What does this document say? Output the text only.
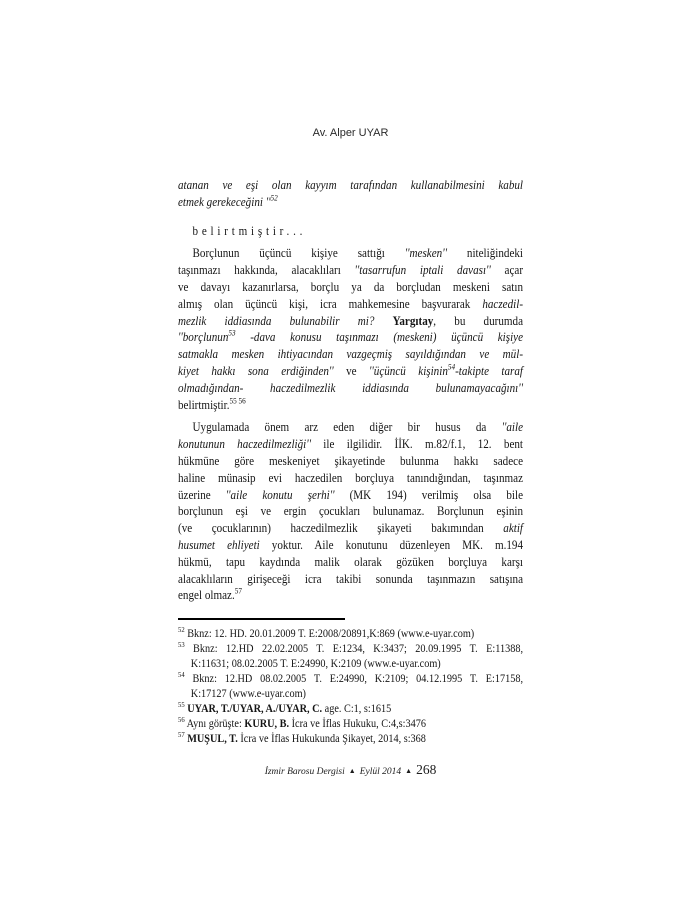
Av. Alper UYAR
atanan ve eşi olan kayyım tarafından kullanabilmesini kabul
etmek gerekeceğini ''$^{52}$
belirtmiştir...
Borçlunun üçüncü kişiye sattığı ''mesken'' niteliğindeki
taşınmazı hakkında, alacaklıları ''tasarrufun iptali davası'' açar
ve davayı kazanırlarsa, borçlu ya da borçludan meskeni satın
almış olan üçüncü kişi, icra mahkemesine başvurarak haczedil-
mezlik iddiasında bulunabilir mi? Yargıtay, bu durumda
''borçlunun$^{53}$ -dava konusu taşınmazı (meskeni) üçüncü kişiye
satmakla mesken ihtiyacından vazgeçmiş sayıldığından ve mül-
kiyet hakkı sona erdiğinden'' ve ''üçüncü kişinin$^{54}$-takipte taraf
olmadığından- haczedilmezlik iddiasında bulunamayacağını''
belirtmiştir.$^{55 56}$
Uygulamada önem arz eden diğer bir husus da ''aile
konutunun haczedilmezliği'' ile ilgilidir. İİK. m.82/f.1, 12. bent
hükmüne göre meskeniyet şikayetinde bulunma hakkı sadece
haline münasip evi haczedilen borçluya tanındığından, taşınmaz
üzerine ''aile konutu şerhi'' (MK 194) verilmiş olsa bile
borçlunun eşi ve ergin çocukları bulunamaz. Borçlunun eşinin
(ve çocuklarının) haczedilmezlik şikayeti bakımından aktif
husumet ehliyeti yoktur. Aile konutunu düzenleyen MK. m.194
hükmü, tapu kaydında malik olarak gözüken borçluya karşı
alacaklıların girişeceği icra takibi sonunda taşınmazın satışına
engel olmaz.$^{57}$
$^{52}$ Bknz: 12. HD. 20.01.2009 T. E:2008/20891,K:869 (www.e-uyar.com)
$^{53}$ Bknz: 12.HD 22.02.2005 T. E:1234, K:3437; 20.09.1995 T. E:11388,
K:11631; 08.02.2005 T. E:24990, K:2109 (www.e-uyar.com)
$^{54}$ Bknz: 12.HD 08.02.2005 T. E:24990, K:2109; 04.12.1995 T. E:17158,
K:17127 (www.e-uyar.com)
$^{55}$ UYAR, T./UYAR, A./UYAR, C. age. C:1, s:1615
$^{56}$ Aynı görüşte: KURU, B. İcra ve İflas Hukuku, C:4,s:3476
$^{57}$ MUŞUL, T. İcra ve İflas Hukukunda Şikayet, 2014, s:368
İzmir Barosu Dergisi ▲ Eylül 2014 ▲ 268
